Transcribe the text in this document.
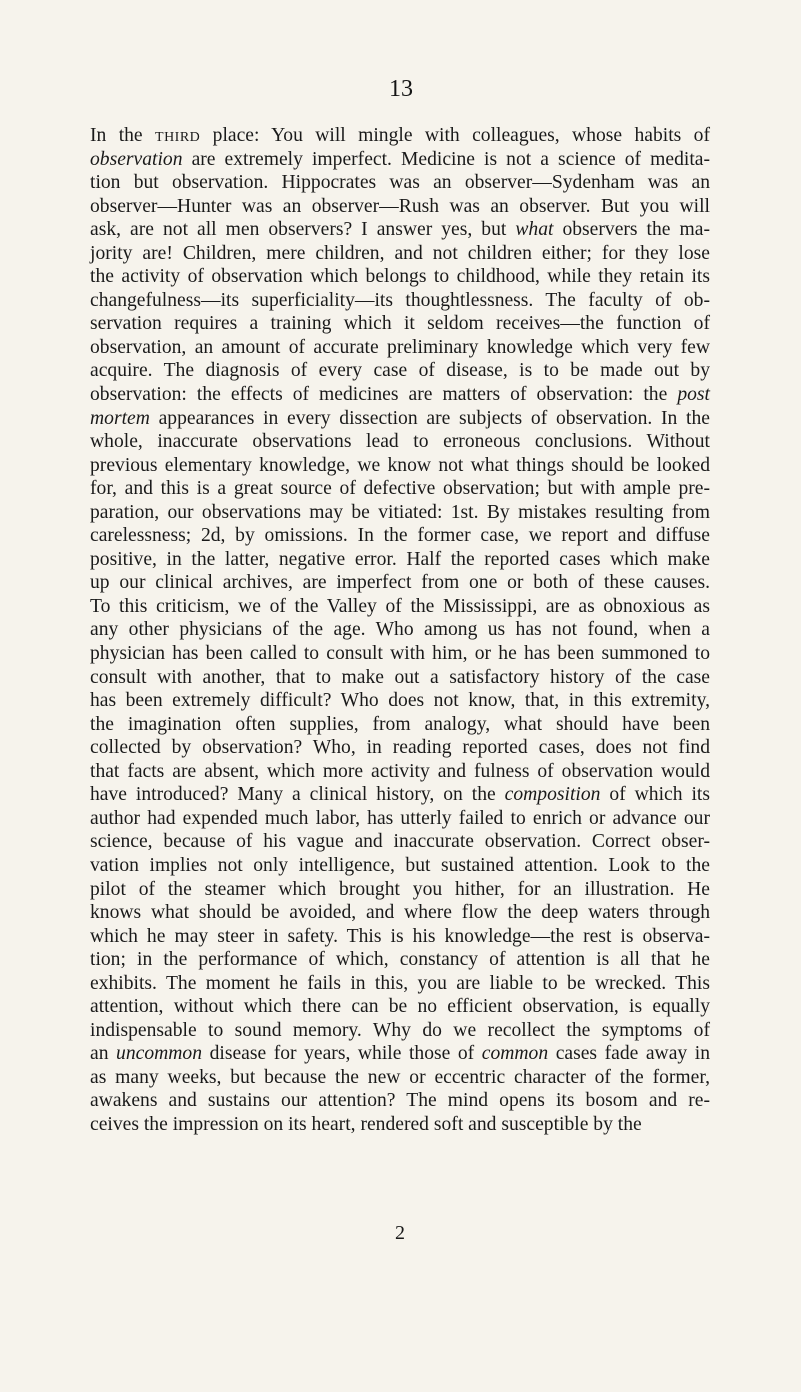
13

In the third place: You will mingle with colleagues, whose habits of
observation are extremely imperfect. Medicine is not a science of medita-
tion but observation. Hippocrates was an observer—Sydenham was an
observer—Hunter was an observer—Rush was an observer. But you will
ask, are not all men observers? I answer yes, but what observers the ma-
jority are! Children, mere children, and not children either; for they lose
the activity of observation which belongs to childhood, while they retain its
changefulness—its superficiality—its thoughtlessness. The faculty of ob-
servation requires a training which it seldom receives—the function of
observation, an amount of accurate preliminary knowledge which very few
acquire. The diagnosis of every case of disease, is to be made out by
observation: the effects of medicines are matters of observation: the post
mortem appearances in every dissection are subjects of observation. In the
whole, inaccurate observations lead to erroneous conclusions. Without
previous elementary knowledge, we know not what things should be looked
for, and this is a great source of defective observation; but with ample pre-
paration, our observations may be vitiated: 1st. By mistakes resulting from
carelessness; 2d, by omissions. In the former case, we report and diffuse
positive, in the latter, negative error. Half the reported cases which make
up our clinical archives, are imperfect from one or both of these causes.
To this criticism, we of the Valley of the Mississippi, are as obnoxious as
any other physicians of the age. Who among us has not found, when a
physician has been called to consult with him, or he has been summoned to
consult with another, that to make out a satisfactory history of the case
has been extremely difficult? Who does not know, that, in this extremity,
the imagination often supplies, from analogy, what should have been
collected by observation? Who, in reading reported cases, does not find
that facts are absent, which more activity and fulness of observation would
have introduced? Many a clinical history, on the composition of which its
author had expended much labor, has utterly failed to enrich or advance our
science, because of his vague and inaccurate observation. Correct obser-
vation implies not only intelligence, but sustained attention. Look to the
pilot of the steamer which brought you hither, for an illustration. He
knows what should be avoided, and where flow the deep waters through
which he may steer in safety. This is his knowledge—the rest is observa-
tion; in the performance of which, constancy of attention is all that he
exhibits. The moment he fails in this, you are liable to be wrecked. This
attention, without which there can be no efficient observation, is equally
indispensable to sound memory. Why do we recollect the symptoms of
an uncommon disease for years, while those of common cases fade away in
as many weeks, but because the new or eccentric character of the former,
awakens and sustains our attention? The mind opens its bosom and re-
ceives the impression on its heart, rendered soft and susceptible by the

2
